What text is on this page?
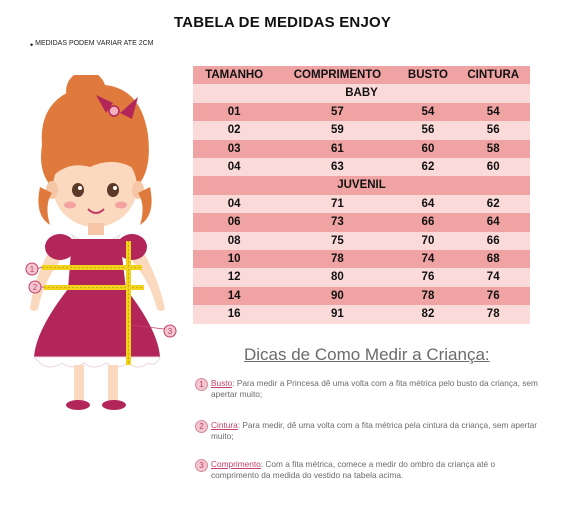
TABELA DE MEDIDAS ENJOY
• MEDIDAS PODEM VARIAR ATE 2CM
1
2
3
TAMANHO	COMPRIMENTO	BUSTO	CINTURA
BABY			
01	57	54	54
02	59	56	56
03	61	60	58
04	63	62	60
JUVENIL			
04	71	64	62
06	73	66	64
08	75	70	66
10	78	74	68
12	80	76	74
14	90	78	76
16	91	82	78
Dicas de Como Medir a Criança:
1 Busto: Para medir a Princesa dê uma volta com a fita métrica pelo busto da criança, sem apertar muito;
2 Cintura: Para medir, dê uma volta com a fita métrica pela cintura da criança, sem apertar muito;
3 Comprimento: Com a fita métrica, comece a medir do ombro da criança até o comprimento da medida do vestido na tabela acima.
